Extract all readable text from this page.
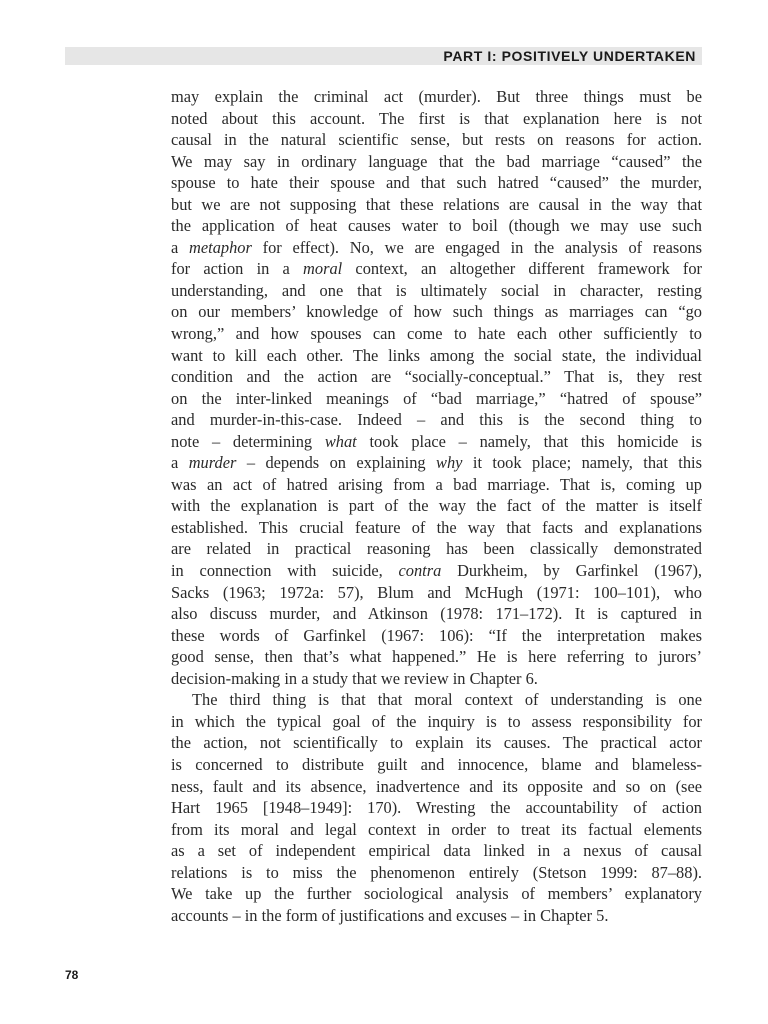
PART I: POSITIVELY UNDERTAKEN
may explain the criminal act (murder). But three things must be
noted about this account. The first is that explanation here is not
causal in the natural scientific sense, but rests on reasons for action.
We may say in ordinary language that the bad marriage “caused” the
spouse to hate their spouse and that such hatred “caused” the murder,
but we are not supposing that these relations are causal in the way that
the application of heat causes water to boil (though we may use such
a metaphor for effect). No, we are engaged in the analysis of reasons
for action in a moral context, an altogether different framework for
understanding, and one that is ultimately social in character, resting
on our members’ knowledge of how such things as marriages can “go
wrong,” and how spouses can come to hate each other sufficiently to
want to kill each other. The links among the social state, the individual
condition and the action are “socially-conceptual.” That is, they rest
on the inter-linked meanings of “bad marriage,” “hatred of spouse”
and murder-in-this-case. Indeed – and this is the second thing to
note – determining what took place – namely, that this homicide is
a murder – depends on explaining why it took place; namely, that this
was an act of hatred arising from a bad marriage. That is, coming up
with the explanation is part of the way the fact of the matter is itself
established. This crucial feature of the way that facts and explanations
are related in practical reasoning has been classically demonstrated
in connection with suicide, contra Durkheim, by Garfinkel (1967),
Sacks (1963; 1972a: 57), Blum and McHugh (1971: 100–101), who
also discuss murder, and Atkinson (1978: 171–172). It is captured in
these words of Garfinkel (1967: 106): “If the interpretation makes
good sense, then that’s what happened.” He is here referring to jurors’
decision-making in a study that we review in Chapter 6.
The third thing is that that moral context of understanding is one
in which the typical goal of the inquiry is to assess responsibility for
the action, not scientifically to explain its causes. The practical actor
is concerned to distribute guilt and innocence, blame and blameless-
ness, fault and its absence, inadvertence and its opposite and so on (see
Hart 1965 [1948–1949]: 170). Wresting the accountability of action
from its moral and legal context in order to treat its factual elements
as a set of independent empirical data linked in a nexus of causal
relations is to miss the phenomenon entirely (Stetson 1999: 87–88).
We take up the further sociological analysis of members’ explanatory
accounts – in the form of justifications and excuses – in Chapter 5.
78
